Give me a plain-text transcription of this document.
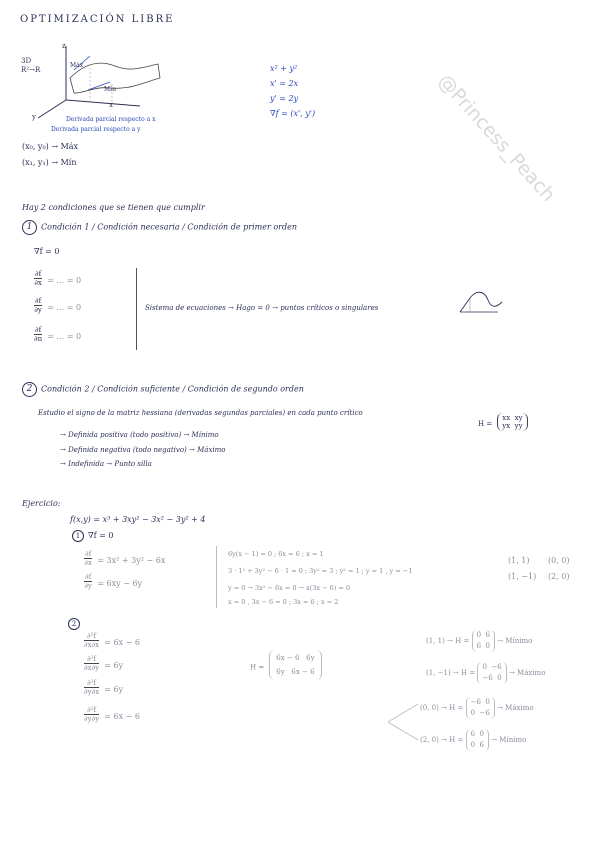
OPTIMIZACIÓN LIBRE
@Princess_Peach
3D
R²→R
z
x
y
Máx
Mín
Derivada parcial respecto a x
Derivada parcial respecto a y
(x₀, y₀) → Máx
(x₁, y₁) → Mín
x² + y²
x' = 2x
y' = 2y
∇f = (x', y')
Hay 2 condiciones que se tienen que cumplir
1 Condición 1 / Condición necesaria / Condición de primer orden
∇f = 0
$\frac{\partial f}{\partial x}$ = ... = 0
$\frac{\partial f}{\partial y}$ = ... = 0
$\frac{\partial f}{\partial n}$ = ... = 0
Sistema de ecuaciones → Hago = 0 → puntos críticos o singulares
2 Condición 2 / Condición suficiente / Condición de segundo orden
Estudio el signo de la matriz hessiana (derivadas segundas parciales) en cada punto crítico
H = xx xy
yx yy
→ Definida positiva (todo positivo) → Mínimo
→ Definida negativa (todo negativo) → Máximo
→ Indefinida → Punto silla
Ejercicio:
f(x,y) = x³ + 3xy² − 3x² − 3y² + 4
1 ∇f = 0
$\frac{\partial f}{\partial x} = 3x^2 + 3y^2 - 6x$
$\frac{\partial f}{\partial y} = 6xy - 6y$
6y(x − 1) = 0 ; 6x = 6 ; x = 1
3 · 1² + 3y² − 6 · 1 = 0 ; 3y² = 3 ; y² = 1 ; y = 1 , y = −1
y = 0 → 3x² − 6x = 0 → x(3x − 6) = 0
x = 0 , 3x − 6 = 0 ; 3x = 6 ; x = 2
(1, 1) (0, 0)
(1, −1) (2, 0)
2
$\frac{\text{∂²f}}{\partial x\partial x} = 6x - 6$
$\frac{\text{∂²f}}{\partial x\partial y} = 6y$
$\frac{\text{∂²f}}{\partial y\partial x} = 6y$
$\frac{\text{∂²f}}{\partial y\partial y} = 6x - 6$
H = 6x − 6 6y
6y 6x − 6
(1, 1) → H = 0 6
6 0 → Mínimo
(1, −1) → H = 0 −6
−6 0 → Máximo
(0, 0) → H = −6 0
0 −6 → Máximo
(2, 0) → H = 6 0
0 6 → Mínimo
